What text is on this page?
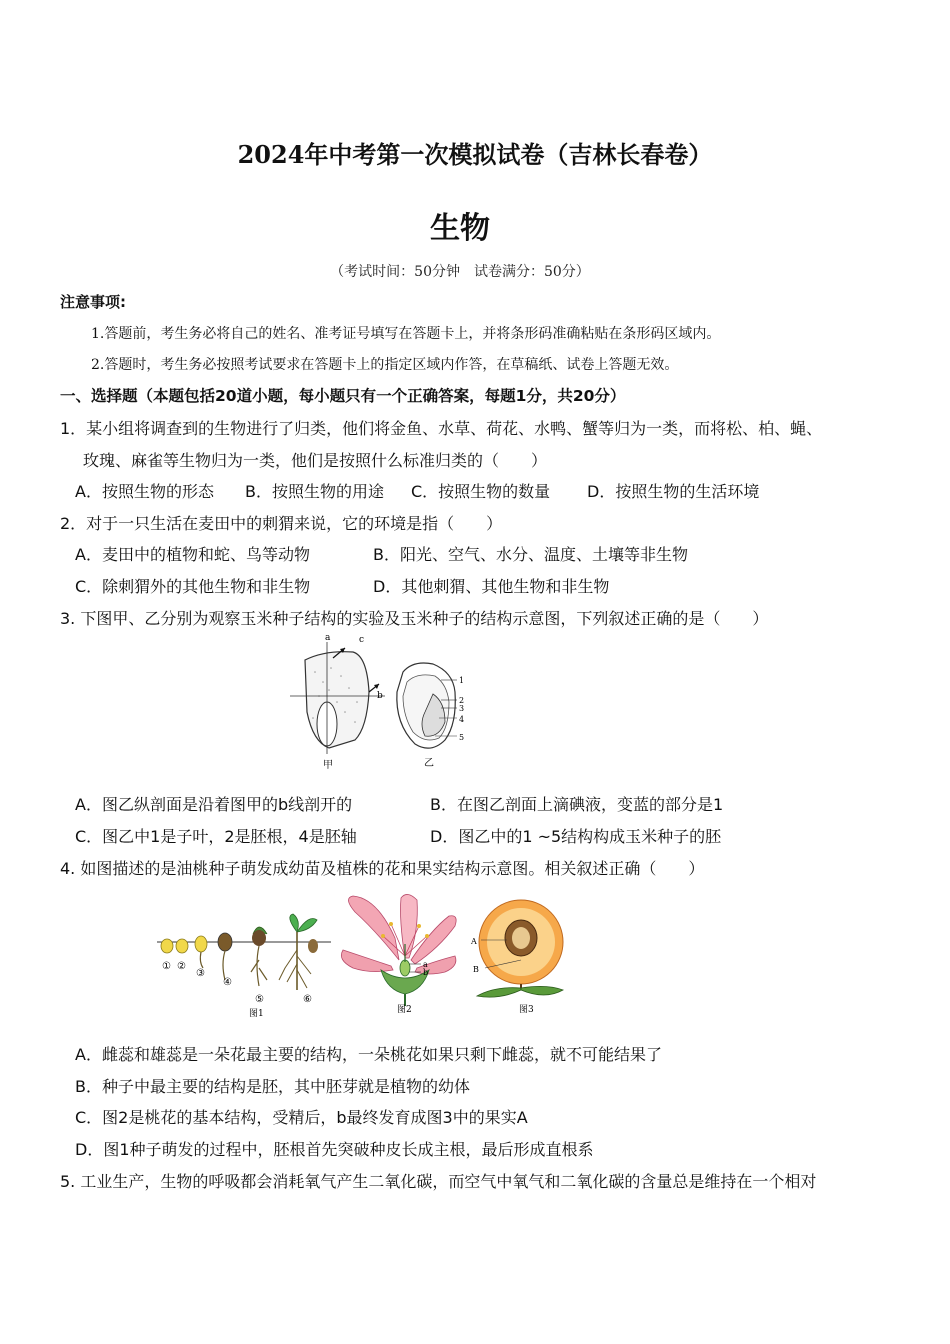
2024年中考第一次模拟试卷（吉林长春卷）
生物
（考试时间：50分钟　试卷满分：50分）
注意事项:
1.答题前，考生务必将自己的姓名、准考证号填写在答题卡上，并将条形码准确粘贴在条形码区域内。
2.答题时，考生务必按照考试要求在答题卡上的指定区域内作答，在草稿纸、试卷上答题无效。
一、选择题（本题包括20道小题，每小题只有一个正确答案，每题1分，共20分）
1．某小组将调查到的生物进行了归类，他们将金鱼、水草、荷花、水鸭、蟹等归为一类，而将松、柏、蝇、
玫瑰、麻雀等生物归为一类，他们是按照什么标准归类的（　　）
A．按照生物的形态 B．按照生物的用途 C．按照生物的数量 D．按照生物的生活环境
2．对于一只生活在麦田中的刺猬来说，它的环境是指（　　）
A．麦田中的植物和蛇、鸟等动物	B．阳光、空气、水分、温度、土壤等非生物
C．除刺猬外的其他生物和非生物	D．其他刺猬、其他生物和非生物
3. 下图甲、乙分别为观察玉米种子结构的实验及玉米种子的结构示意图，下列叙述正确的是（　　）
a	c
b
甲
1
2
3
4
5
乙
A．图乙纵剖面是沿着图甲的b线剖开的	B．在图乙剖面上滴碘液，变蓝的部分是1
C．图乙中1是子叶，2是胚根，4是胚轴	D．图乙中的1 ~5结构构成玉米种子的胚
4. 如图描述的是油桃种子萌发成幼苗及植株的花和果实结构示意图。相关叙述正确（　　）
① ②
③
④
⑤	⑥
图1
a
b
图2
A
B
图3
A．雌蕊和雄蕊是一朵花最主要的结构，一朵桃花如果只剩下雌蕊，就不可能结果了
B．种子中最主要的结构是胚，其中胚芽就是植物的幼体
C．图2是桃花的基本结构，受精后，b最终发育成图3中的果实A
D．图1种子萌发的过程中，胚根首先突破种皮长成主根，最后形成直根系
5. 工业生产，生物的呼吸都会消耗氧气产生二氧化碳，而空气中氧气和二氧化碳的含量总是维持在一个相对
